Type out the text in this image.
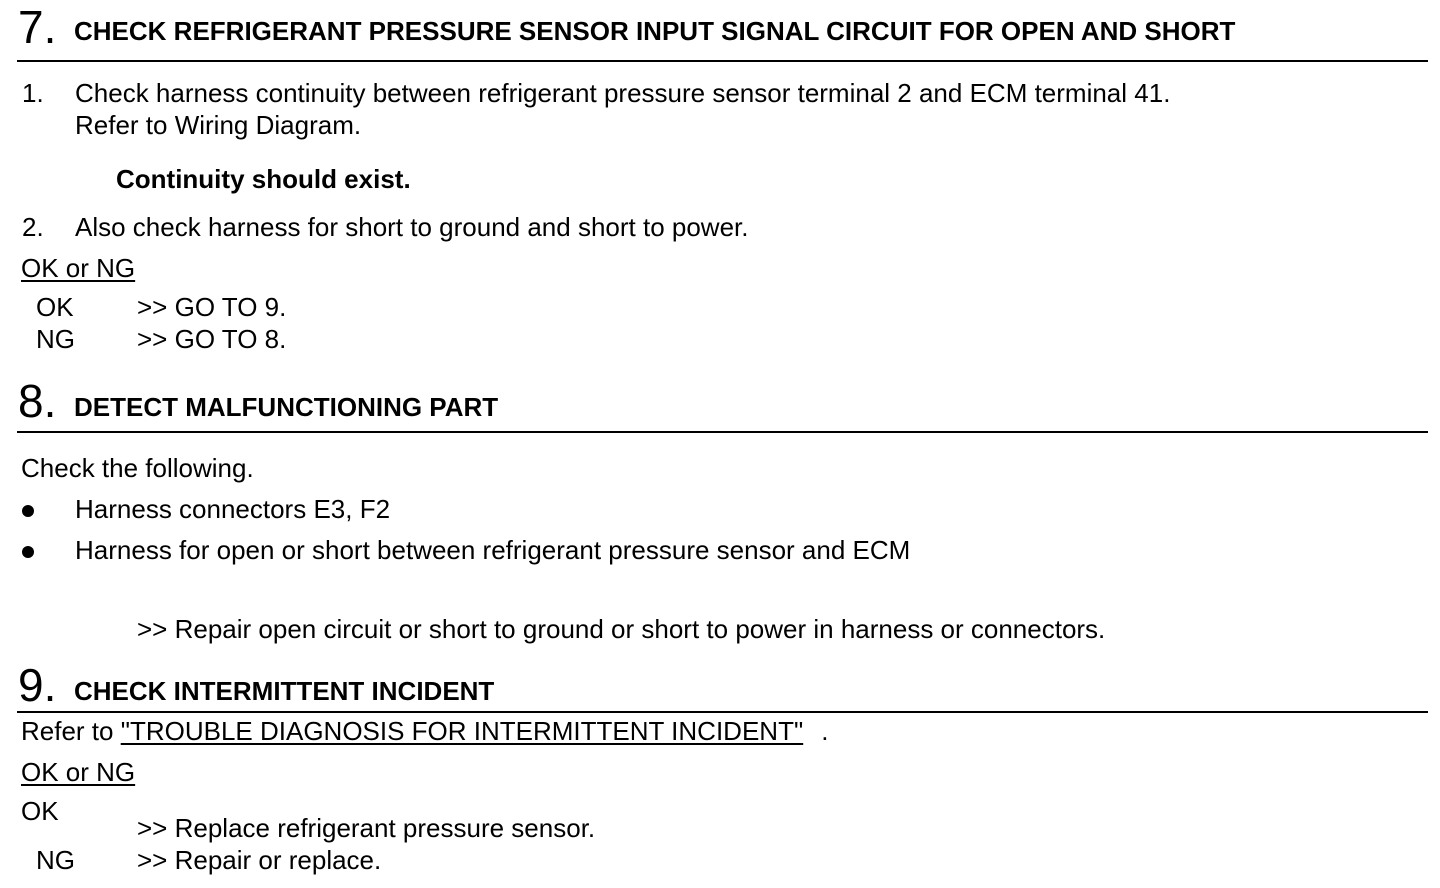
7. CHECK REFRIGERANT PRESSURE SENSOR INPUT SIGNAL CIRCUIT FOR OPEN AND SHORT
1. Check harness continuity between refrigerant pressure sensor terminal 2 and ECM terminal 41.
Refer to Wiring Diagram.
Continuity should exist.
2. Also check harness for short to ground and short to power.
OK or NG
OK >> GO TO 9.
NG >> GO TO 8.
8. DETECT MALFUNCTIONING PART
Check the following.
Harness connectors E3, F2
Harness for open or short between refrigerant pressure sensor and ECM
>> Repair open circuit or short to ground or short to power in harness or connectors.
9. CHECK INTERMITTENT INCIDENT
Refer to "TROUBLE DIAGNOSIS FOR INTERMITTENT INCIDENT" .
OK or NG
OK
>> Replace refrigerant pressure sensor.
NG >> Repair or replace.
